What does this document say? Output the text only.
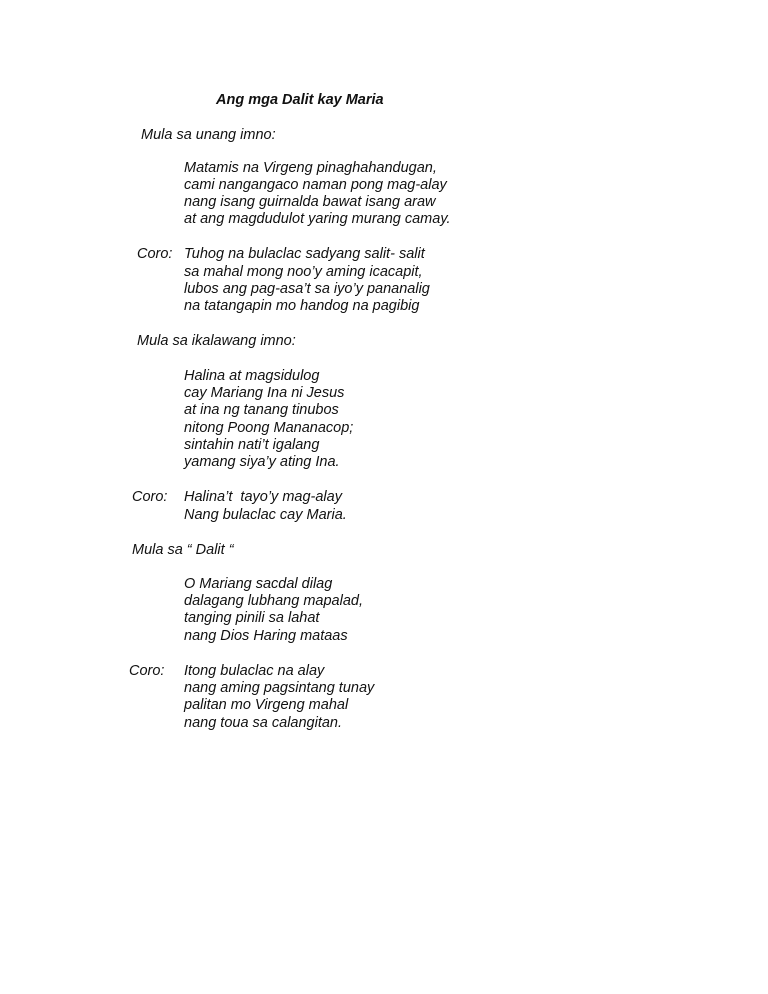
Ang mga Dalit kay Maria
Mula sa unang imno:
Matamis na Virgeng pinaghahandugan,
cami nangangaco naman pong mag-alay
nang isang guirnalda bawat isang araw
at ang magdudulot yaring murang camay.
Coro: Tuhog na bulaclac sadyang salit- salit
sa mahal mong noo’y aming icacapit,
lubos ang pag-asa’t sa iyo’y pananalig
na tatangapin mo handog na pagibig
Mula sa ikalawang imno:
Halina at magsidulog
cay Mariang Ina ni Jesus
at ina ng tanang tinubos
nitong Poong Mananacop;
sintahin nati’t igalang
yamang siya’y ating Ina.
Coro: Halina’t  tayo’y mag-alay
Nang bulaclac cay Maria.
Mula sa “ Dalit “
O Mariang sacdal dilag
dalagang lubhang mapalad,
tanging pinili sa lahat
nang Dios Haring mataas
Coro: Itong bulaclac na alay
nang aming pagsintang tunay
palitan mo Virgeng mahal
nang toua sa calangitan.
